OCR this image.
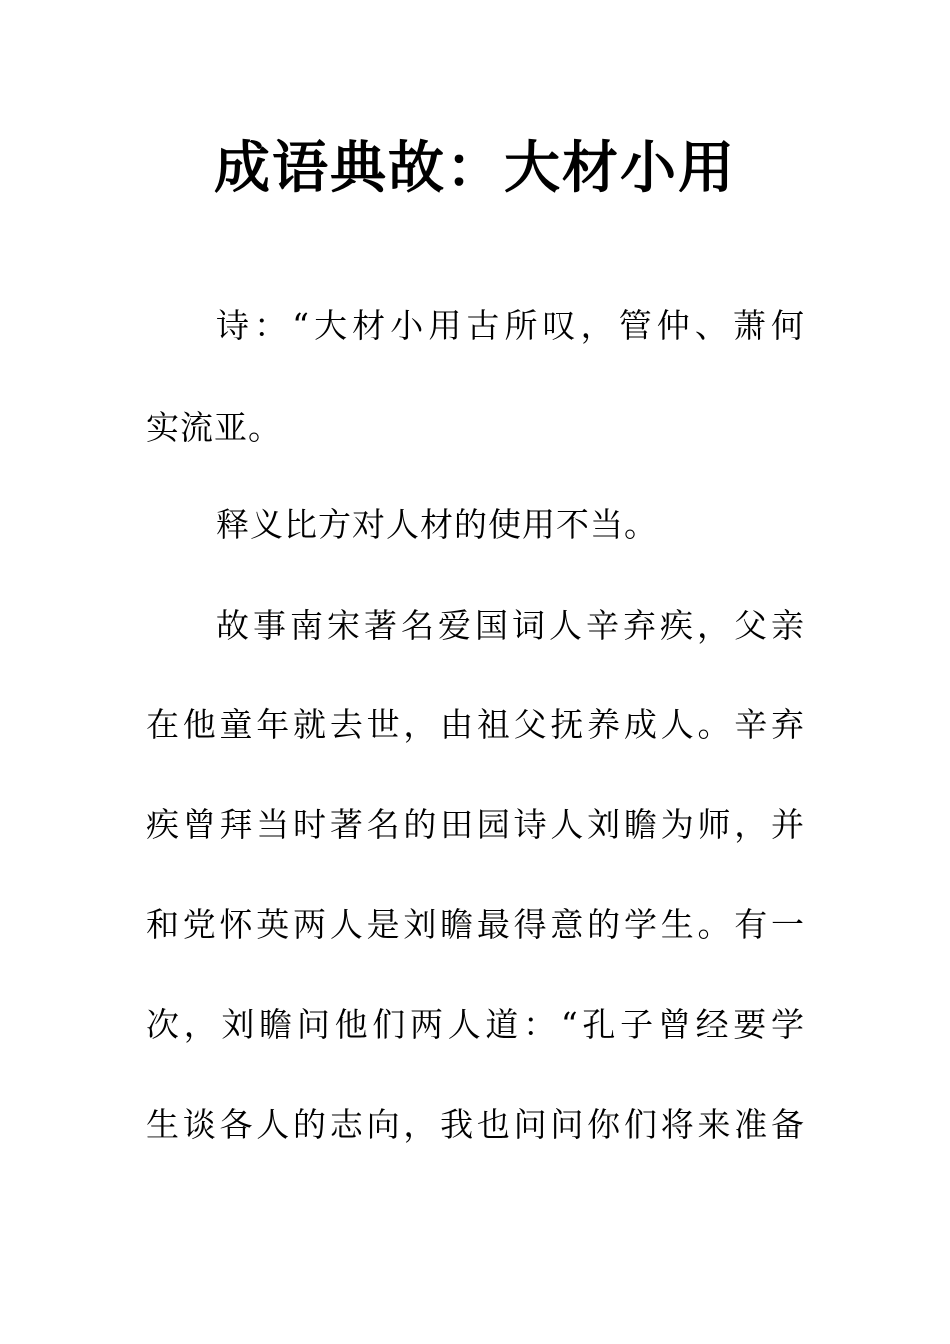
成语典故：大材小用
诗：“大材小用古所叹，管仲、萧何
实流亚。
释义比方对人材的使用不当。
故事南宋著名爱国词人辛弃疾，父亲
在他童年就去世，由祖父抚养成人。辛弃
疾曾拜当时著名的田园诗人刘瞻为师，并
和党怀英两人是刘瞻最得意的学生。有一
次，刘瞻问他们两人道：“孔子曾经要学
生谈各人的志向，我也问问你们将来准备
